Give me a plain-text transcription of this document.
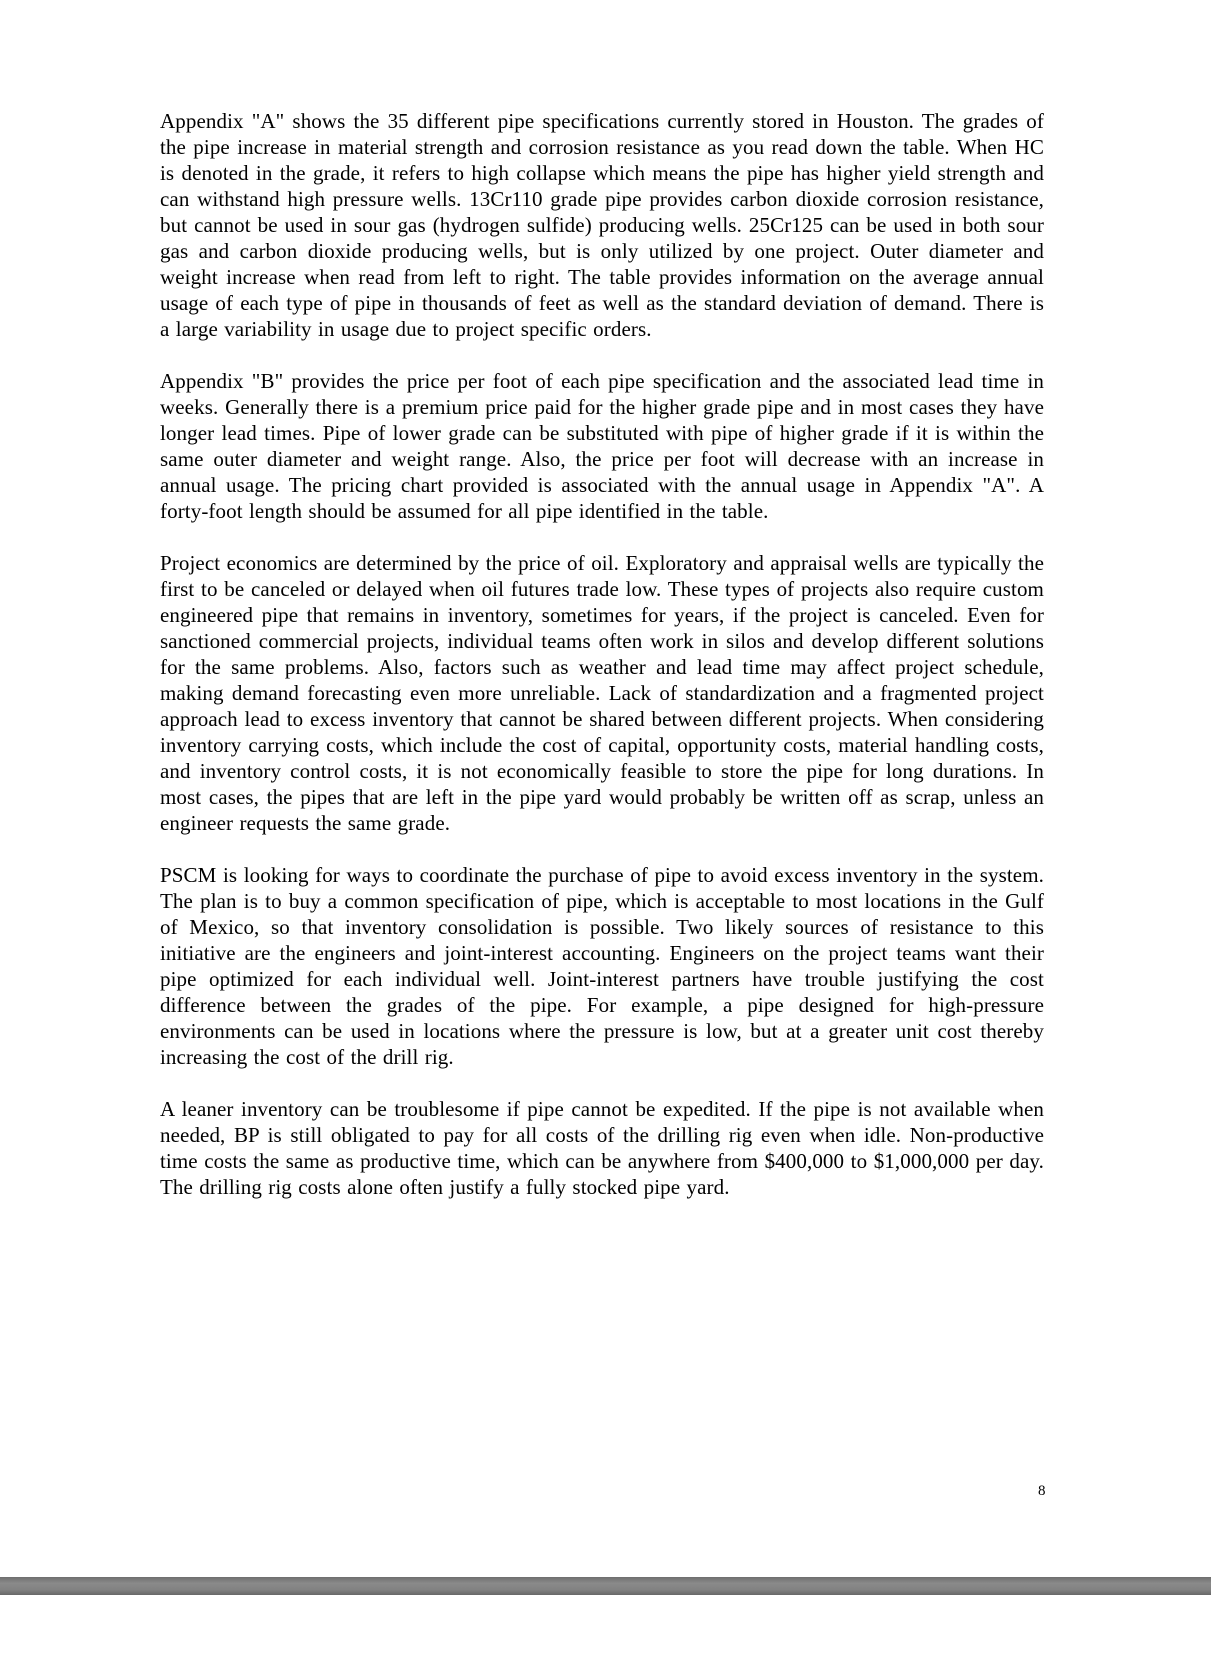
Appendix "A" shows the 35 different pipe specifications currently stored in Houston. The grades of the pipe increase in material strength and corrosion resistance as you read down the table. When HC is denoted in the grade, it refers to high collapse which means the pipe has higher yield strength and can withstand high pressure wells. 13Cr110 grade pipe provides carbon dioxide corrosion resistance, but cannot be used in sour gas (hydrogen sulfide) producing wells. 25Cr125 can be used in both sour gas and carbon dioxide producing wells, but is only utilized by one project. Outer diameter and weight increase when read from left to right. The table provides information on the average annual usage of each type of pipe in thousands of feet as well as the standard deviation of demand. There is a large variability in usage due to project specific orders.

Appendix "B" provides the price per foot of each pipe specification and the associated lead time in weeks. Generally there is a premium price paid for the higher grade pipe and in most cases they have longer lead times. Pipe of lower grade can be substituted with pipe of higher grade if it is within the same outer diameter and weight range. Also, the price per foot will decrease with an increase in annual usage. The pricing chart provided is associated with the annual usage in Appendix "A". A forty-foot length should be assumed for all pipe identified in the table.

Project economics are determined by the price of oil. Exploratory and appraisal wells are typically the first to be canceled or delayed when oil futures trade low. These types of projects also require custom engineered pipe that remains in inventory, sometimes for years, if the project is canceled. Even for sanctioned commercial projects, individual teams often work in silos and develop different solutions for the same problems. Also, factors such as weather and lead time may affect project schedule, making demand forecasting even more unreliable. Lack of standardization and a fragmented project approach lead to excess inventory that cannot be shared between different projects. When considering inventory carrying costs, which include the cost of capital, opportunity costs, material handling costs, and inventory control costs, it is not economically feasible to store the pipe for long durations. In most cases, the pipes that are left in the pipe yard would probably be written off as scrap, unless an engineer requests the same grade.

PSCM is looking for ways to coordinate the purchase of pipe to avoid excess inventory in the system. The plan is to buy a common specification of pipe, which is acceptable to most locations in the Gulf of Mexico, so that inventory consolidation is possible. Two likely sources of resistance to this initiative are the engineers and joint-interest accounting. Engineers on the project teams want their pipe optimized for each individual well. Joint-interest partners have trouble justifying the cost difference between the grades of the pipe. For example, a pipe designed for high-pressure environments can be used in locations where the pressure is low, but at a greater unit cost thereby increasing the cost of the drill rig.

A leaner inventory can be troublesome if pipe cannot be expedited. If the pipe is not available when needed, BP is still obligated to pay for all costs of the drilling rig even when idle. Non-productive time costs the same as productive time, which can be anywhere from $400,000 to $1,000,000 per day. The drilling rig costs alone often justify a fully stocked pipe yard.

8
